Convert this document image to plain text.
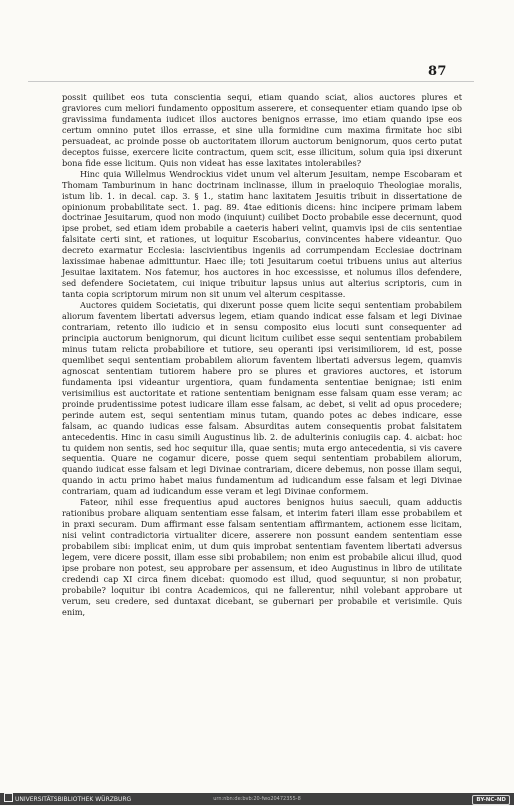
87

possit quilibet eos tuta conscientia sequi, etiam quando sciat, alios auctores plures et graviores cum meliori fundamento oppositum asserere, et consequenter etiam quando ipse ob gravissima fundamenta iudicet illos auctores benignos errasse, imo etiam quando ipse eos certum omnino putet illos errasse, et sine ulla formidine cum maxima firmitate hoc sibi persuadeat, ac proinde posse ob auctoritatem illorum auctorum benignorum, quos certo putat deceptos fuisse, exercere licite contractum, quem scit, esse illicitum, solum quia ipsi dixerunt bona fide esse licitum. Quis non videat has esse laxitates intolerabiles?

Hinc quia Willelmus Wendrockius videt unum vel alterum Jesuitam, nempe Escobaram et Thomam Tamburinum in hanc doctrinam inclinasse, illum in praeloquio Theologiae moralis, istum lib. 1. in decal. cap. 3. § 1., statim hanc laxitatem Jesuitis tribuit in dissertatione de opinionum probabilitate sect. 1. pag. 89. 4tae editionis dicens: hinc incipere primam labem doctrinae Jesuitarum, quod non modo (inquiunt) cuilibet Docto probabile esse decernunt, quod ipse probet, sed etiam idem probabile a caeteris haberi velint, quamvis ipsi de ciis sententiae falsitate certi sint, et rationes, ut loquitur Escobarius, convincentes habere videantur. Quo decreto exarmatur Ecclesia: lascivientibus ingeniis ad corrumpendam Ecclesiae doctrinam laxissimae habenae admittuntur. Haec ille; toti Jesuitarum coetui tribuens unius aut alterius Jesuitae laxitatem. Nos fatemur, hos auctores in hoc excessisse, et nolumus illos defendere, sed defendere Societatem, cui inique tribuitur lapsus unius aut alterius scriptoris, cum in tanta copia scriptorum mirum non sit unum vel alterum cespitasse.

Auctores quidem Societatis, qui dixerunt posse quem licite sequi sententiam probabilem aliorum faventem libertati adversus legem, etiam quando indicat esse falsam et legi Divinae contrariam, retento illo iudicio et in sensu composito eius locuti sunt consequenter ad principia auctorum benignorum, qui dicunt licitum cuilibet esse sequi sententiam probabilem minus tutam relicta probabiliore et tutiore, seu operanti ipsi verisimiliorem, id est, posse quemlibet sequi sententiam probabilem aliorum faventem libertati adversus legem, quamvis agnoscat sententiam tutiorem habere pro se plures et graviores auctores, et istorum fundamenta ipsi videantur urgentiora, quam fundamenta sententiae benignae; isti enim verisimilius est auctoritate et ratione sententiam benignam esse falsam quam esse veram; ac proinde prudentissime potest iudicare illam esse falsam, ac debet, si velit ad opus procedere; perinde autem est, sequi sententiam minus tutam, quando potes ac debes indicare, esse falsam, ac quando iudicas esse falsam. Absurditas autem consequentis probat falsitatem antecedentis. Hinc in casu simili Augustinus lib. 2. de adulterinis coniugiis cap. 4. aicbat: hoc tu quidem non sentis, sed hoc sequitur illa, quae sentis; muta ergo antecedentia, si vis cavere sequentia. Quare ne cogamur dicere, posse quem sequi sententiam probabilem aliorum, quando iudicat esse falsam et legi Divinae contrariam, dicere debemus, non posse illam sequi, quando in actu primo habet maius fundamentum ad iudicandum esse falsam et legi Divinae contrariam, quam ad iudicandum esse veram et legi Divinae conformem.

Fateor, nihil esse frequentius apud auctores benignos huius saeculi, quam adductis rationibus probare aliquam sententiam esse falsam, et interim fateri illam esse probabilem et in praxi securam. Dum affirmant esse falsam sententiam affirmantem, actionem esse licitam, nisi velint contradictoria virtualiter dicere, asserere non possunt eandem sententiam esse probabilem sibi: implicat enim, ut dum quis improbat sententiam faventem libertati adversus legem, vere dicere possit, illam esse sibi probabilem; non enim est probabile alicui illud, quod ipse probare non potest, seu approbare per assensum, et ideo Augustinus in libro de utilitate credendi cap XI circa finem dicebat: quomodo est illud, quod sequuntur, si non probatur, probabile? loquitur ibi contra Academicos, qui ne fallerentur, nihil volebant approbare ut verum, seu credere, sed duntaxat dicebant, se gubernari per probabile et verisimile. Quis enim,

UNIVERSITÄTSBIBLIOTHEK WÜRZBURG	urn:nbn:de:bvb:20-fwo20472355-8	BY-NC-ND
